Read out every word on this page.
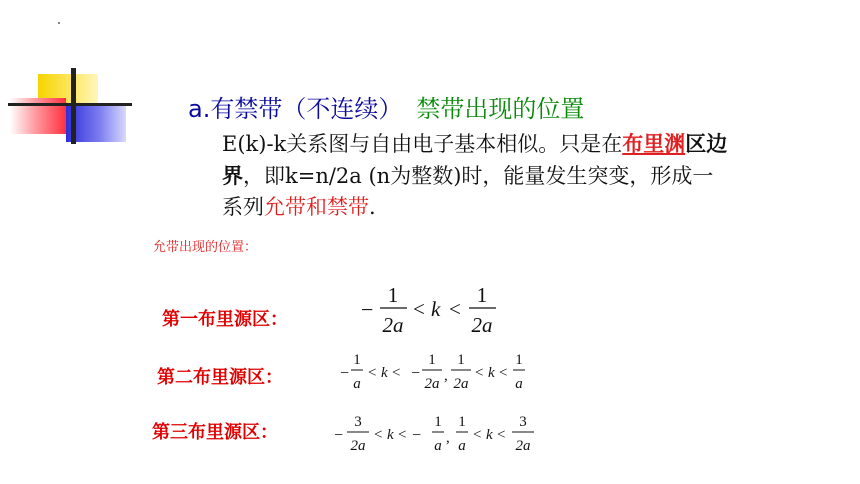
a.有禁带（不连续） 禁带出现的位置
E(k)-k关系图与自由电子基本相似。只是在布里渊区边界，即k=n/2a (n为整数)时，能量发生突变，形成一系列允带和禁带.
允带出现的位置：
第一布里源区：
第二布里源区：
第三布里源区：
−
1
2a
< k <
1
2a
−
1
a
< k < −
1
2a ,
1
2a
< k <
1
a
−
3
2a
< k < −
1
a ,
1
a
< k <
3
2a
